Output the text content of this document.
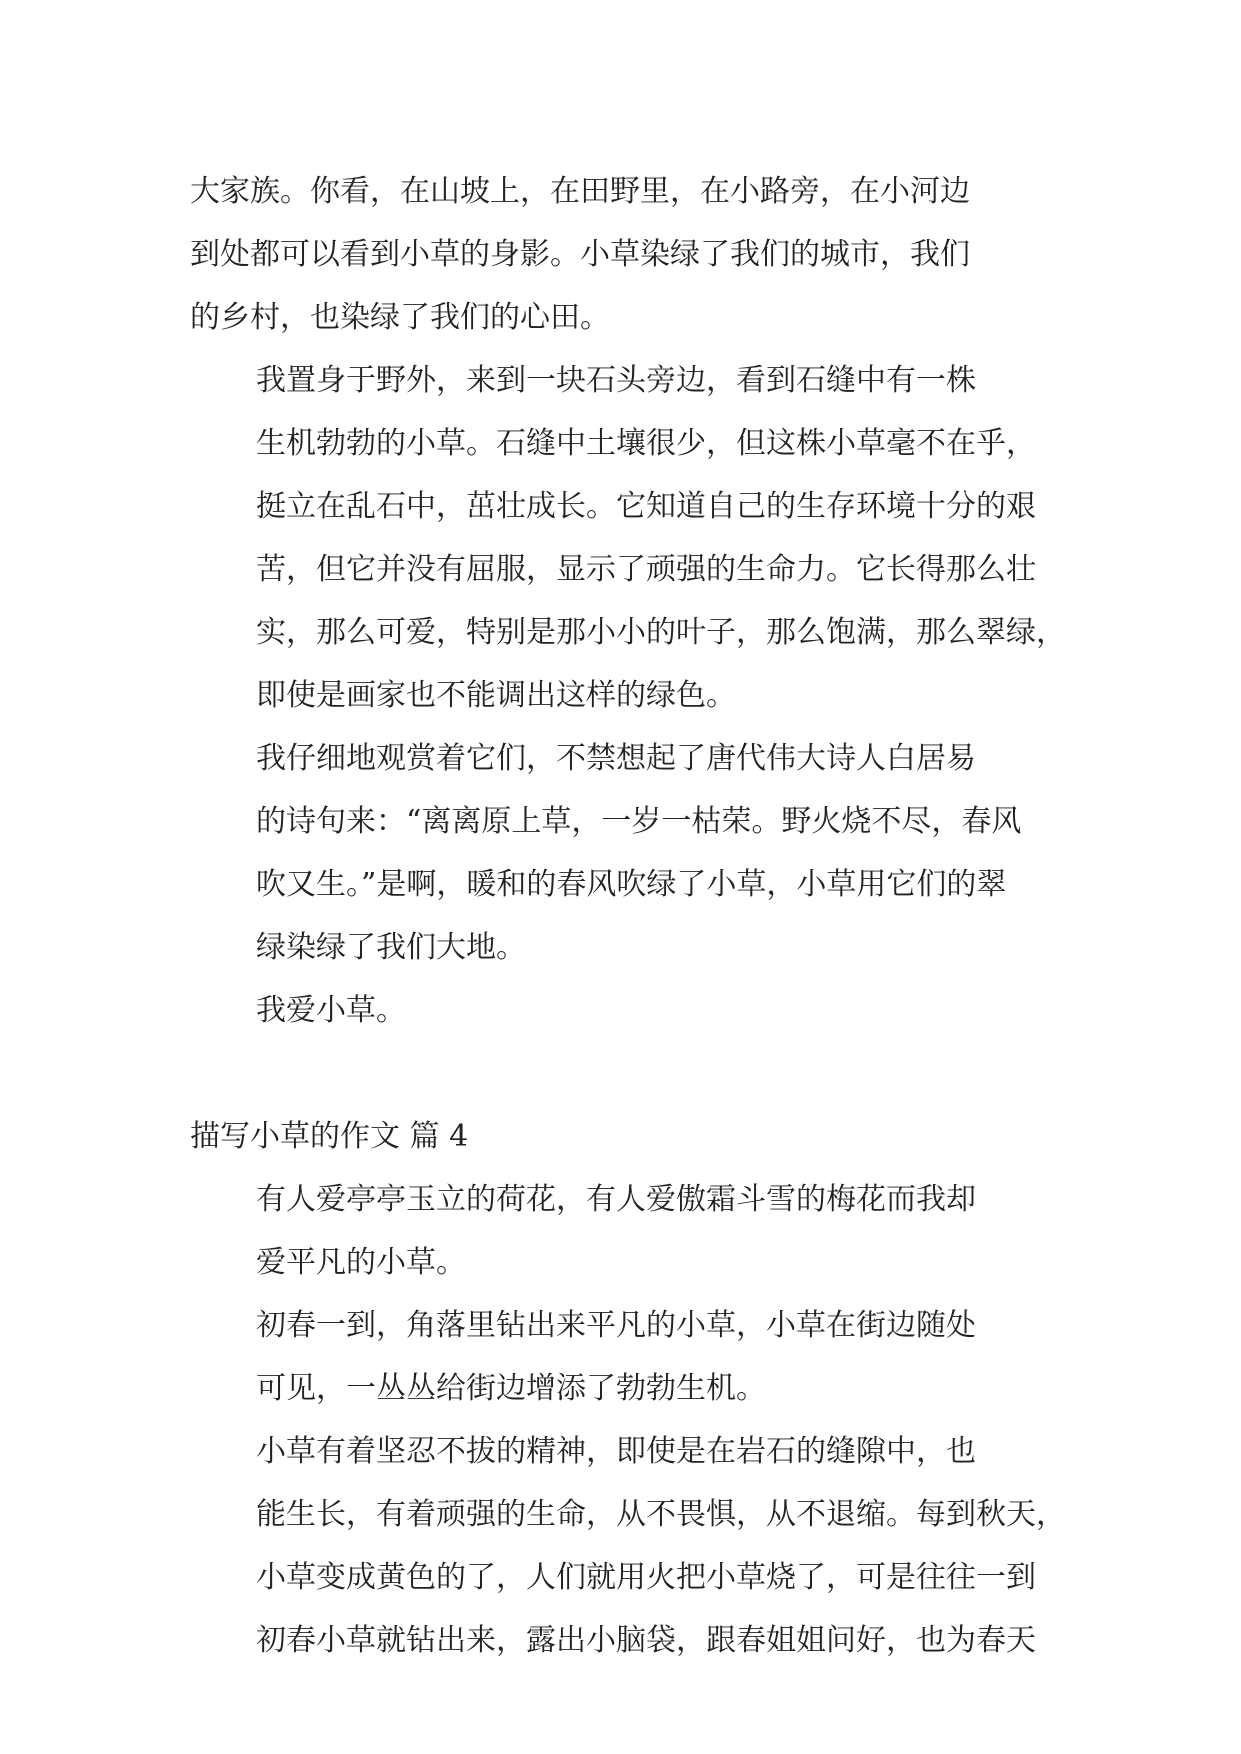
大家族。你看，在山坡上，在田野里，在小路旁，在小河边
到处都可以看到小草的身影。小草染绿了我们的城市，我们
的乡村，也染绿了我们的心田。

我置身于野外，来到一块石头旁边，看到石缝中有一株
生机勃勃的小草。石缝中土壤很少，但这株小草毫不在乎，
挺立在乱石中，茁壮成长。它知道自己的生存环境十分的艰
苦，但它并没有屈服，显示了顽强的生命力。它长得那么壮
实，那么可爱，特别是那小小的叶子，那么饱满，那么翠绿，
即使是画家也不能调出这样的绿色。

我仔细地观赏着它们，不禁想起了唐代伟大诗人白居易
的诗句来：“离离原上草，一岁一枯荣。野火烧不尽，春风
吹又生。”是啊，暖和的春风吹绿了小草，小草用它们的翠
绿染绿了我们大地。

我爱小草。

描写小草的作文 篇 4

有人爱亭亭玉立的荷花，有人爱傲霜斗雪的梅花而我却
爱平凡的小草。

初春一到，角落里钻出来平凡的小草，小草在街边随处
可见，一丛丛给街边增添了勃勃生机。

小草有着坚忍不拔的精神，即使是在岩石的缝隙中，也
能生长，有着顽强的生命，从不畏惧，从不退缩。每到秋天，
小草变成黄色的了，人们就用火把小草烧了，可是往往一到
初春小草就钻出来，露出小脑袋，跟春姐姐问好，也为春天
